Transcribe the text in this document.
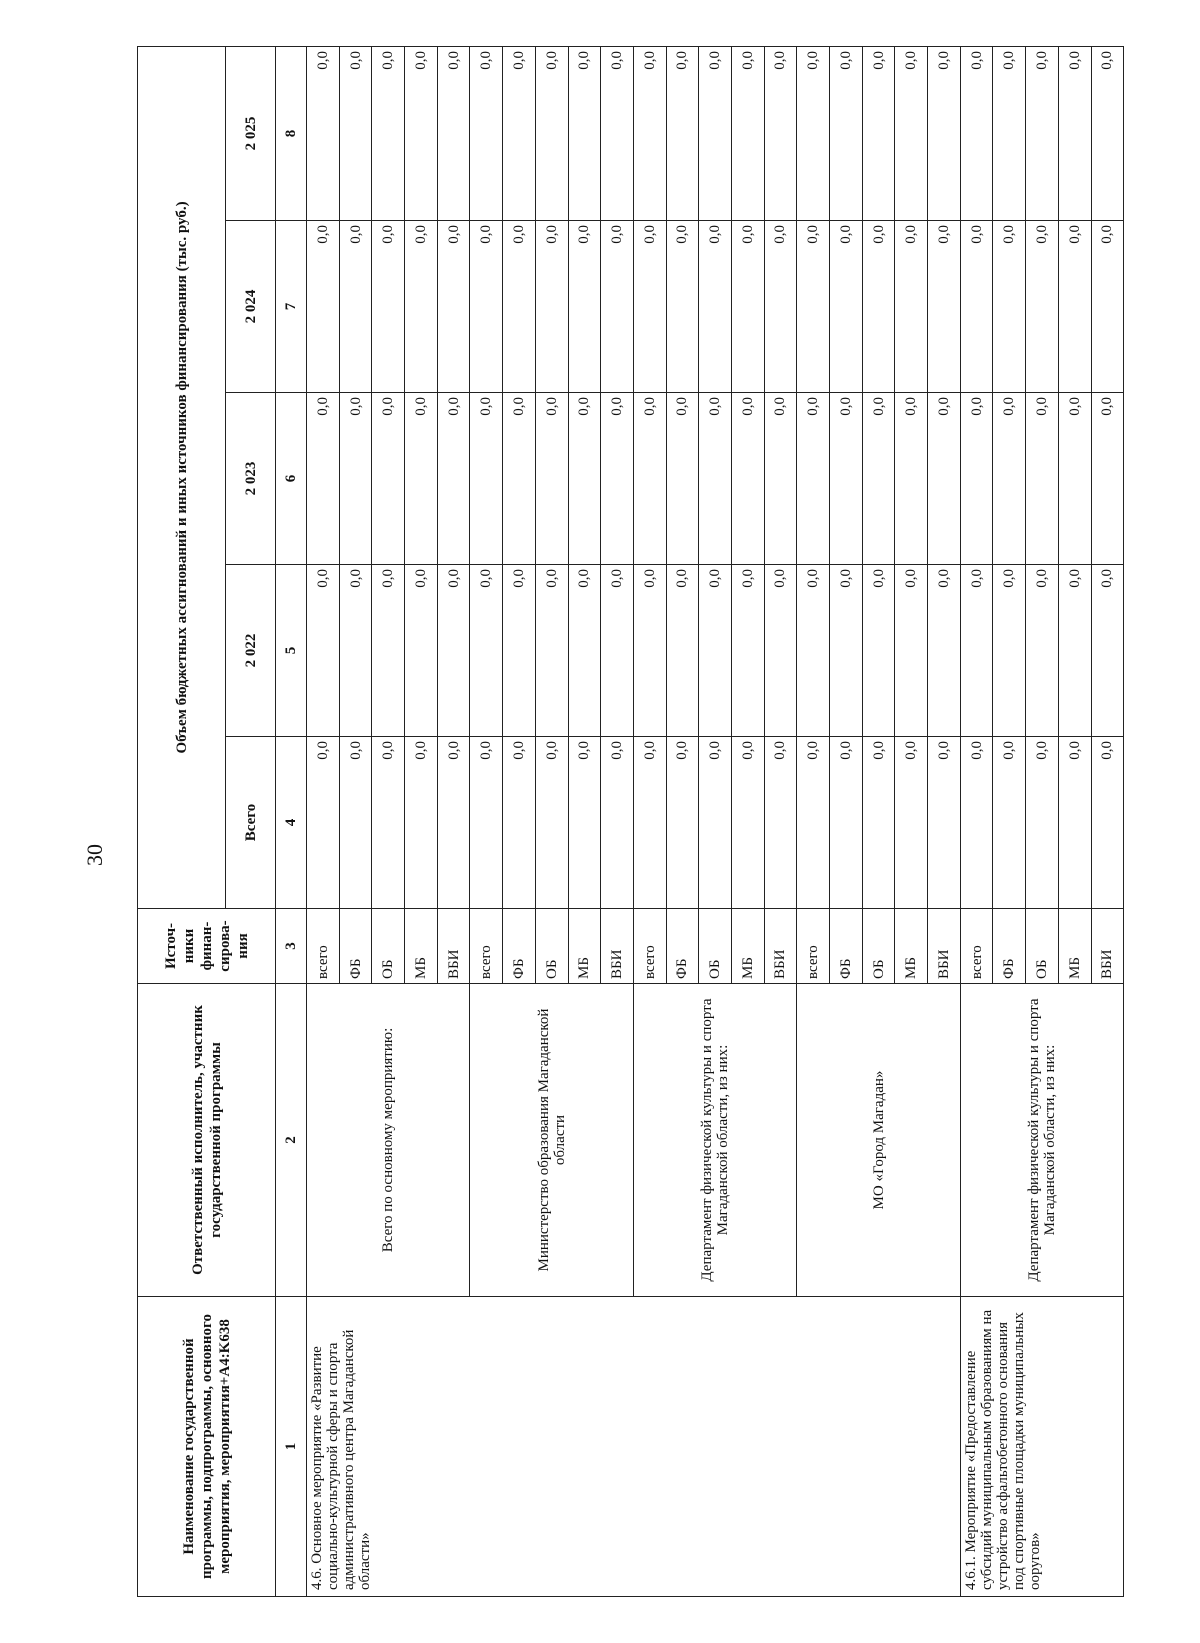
30
Наименование государственной программы, подпрограммы, основного мероприятия, мероприятия+A4:K638	Ответственный исполнитель, участник государственной программы	Источ-ники финан-сирова-ния	Объем бюджетных ассигнований и иных источников финансирования (тыс. руб.)				
			Всего	2 022	2 023	2 024	2 025
1	2	3	4	5	6	7	8
4.6. Основное мероприятие «Развитие социально-культурной сферы и спорта административного центра Магаданской области»	Всего по основному мероприятию:	всего	0,0	0,0	0,0	0,0	0,0
		ФБ	0,0	0,0	0,0	0,0	0,0
		ОБ	0,0	0,0	0,0	0,0	0,0
		МБ	0,0	0,0	0,0	0,0	0,0
		ВБИ	0,0	0,0	0,0	0,0	0,0
	Министерство образования Магаданской области	всего	0,0	0,0	0,0	0,0	0,0
		ФБ	0,0	0,0	0,0	0,0	0,0
		ОБ	0,0	0,0	0,0	0,0	0,0
		МБ	0,0	0,0	0,0	0,0	0,0
		ВБИ	0,0	0,0	0,0	0,0	0,0
	Департамент физической культуры и спорта Магаданской области, из них:	всего	0,0	0,0	0,0	0,0	0,0
		ФБ	0,0	0,0	0,0	0,0	0,0
		ОБ	0,0	0,0	0,0	0,0	0,0
		МБ	0,0	0,0	0,0	0,0	0,0
		ВБИ	0,0	0,0	0,0	0,0	0,0
	МО «Город Магадан»	всего	0,0	0,0	0,0	0,0	0,0
		ФБ	0,0	0,0	0,0	0,0	0,0
		ОБ	0,0	0,0	0,0	0,0	0,0
		МБ	0,0	0,0	0,0	0,0	0,0
		ВБИ	0,0	0,0	0,0	0,0	0,0
4.6.1. Мероприятие «Предоставление субсидий муниципальным образованиям на устройство асфальтобетонного основания под спортивные площадки муниципальных ооругов»	Департамент физической культуры и спорта Магаданской области, из них:	всего	0,0	0,0	0,0	0,0	0,0
		ФБ	0,0	0,0	0,0	0,0	0,0
		ОБ	0,0	0,0	0,0	0,0	0,0
		МБ	0,0	0,0	0,0	0,0	0,0
		ВБИ	0,0	0,0	0,0	0,0	0,0
